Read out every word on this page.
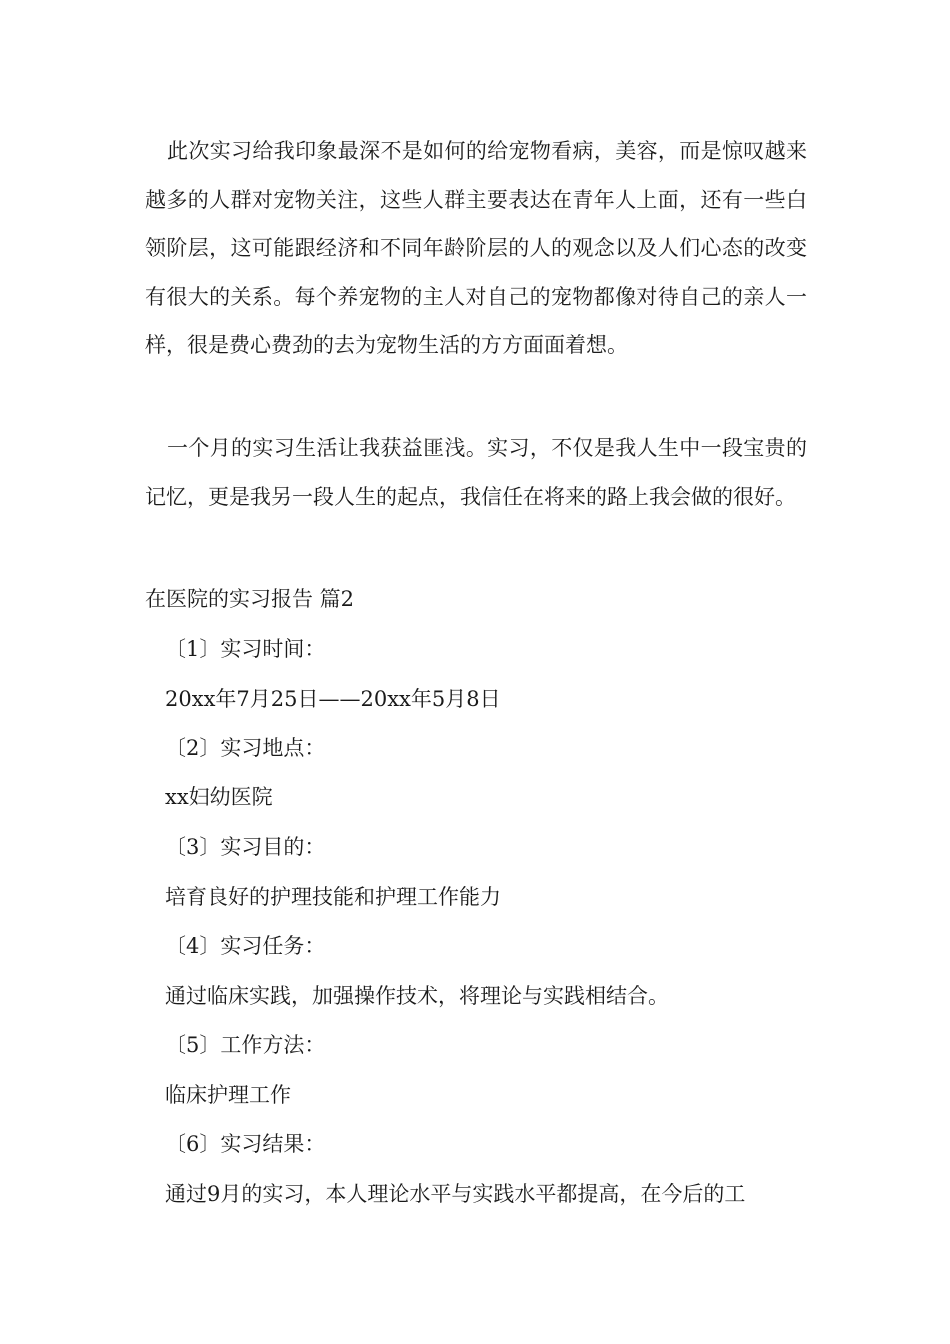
此次实习给我印象最深不是如何的给宠物看病，美容，而是惊叹越来越多的人群对宠物关注，这些人群主要表达在青年人上面，还有一些白领阶层，这可能跟经济和不同年龄阶层的人的观念以及人们心态的改变有很大的关系。每个养宠物的主人对自己的宠物都像对待自己的亲人一样，很是费心费劲的去为宠物生活的方方面面着想。

一个月的实习生活让我获益匪浅。实习，不仅是我人生中一段宝贵的记忆，更是我另一段人生的起点，我信任在将来的路上我会做的很好。

在医院的实习报告 篇2

〔1〕实习时间：

20xx年7月25日——20xx年5月8日

〔2〕实习地点：

xx妇幼医院

〔3〕实习目的：

培育良好的护理技能和护理工作能力

〔4〕实习任务：

通过临床实践，加强操作技术，将理论与实践相结合。

〔5〕工作方法：

临床护理工作

〔6〕实习结果：

通过9月的实习，本人理论水平与实践水平都提高，在今后的工
